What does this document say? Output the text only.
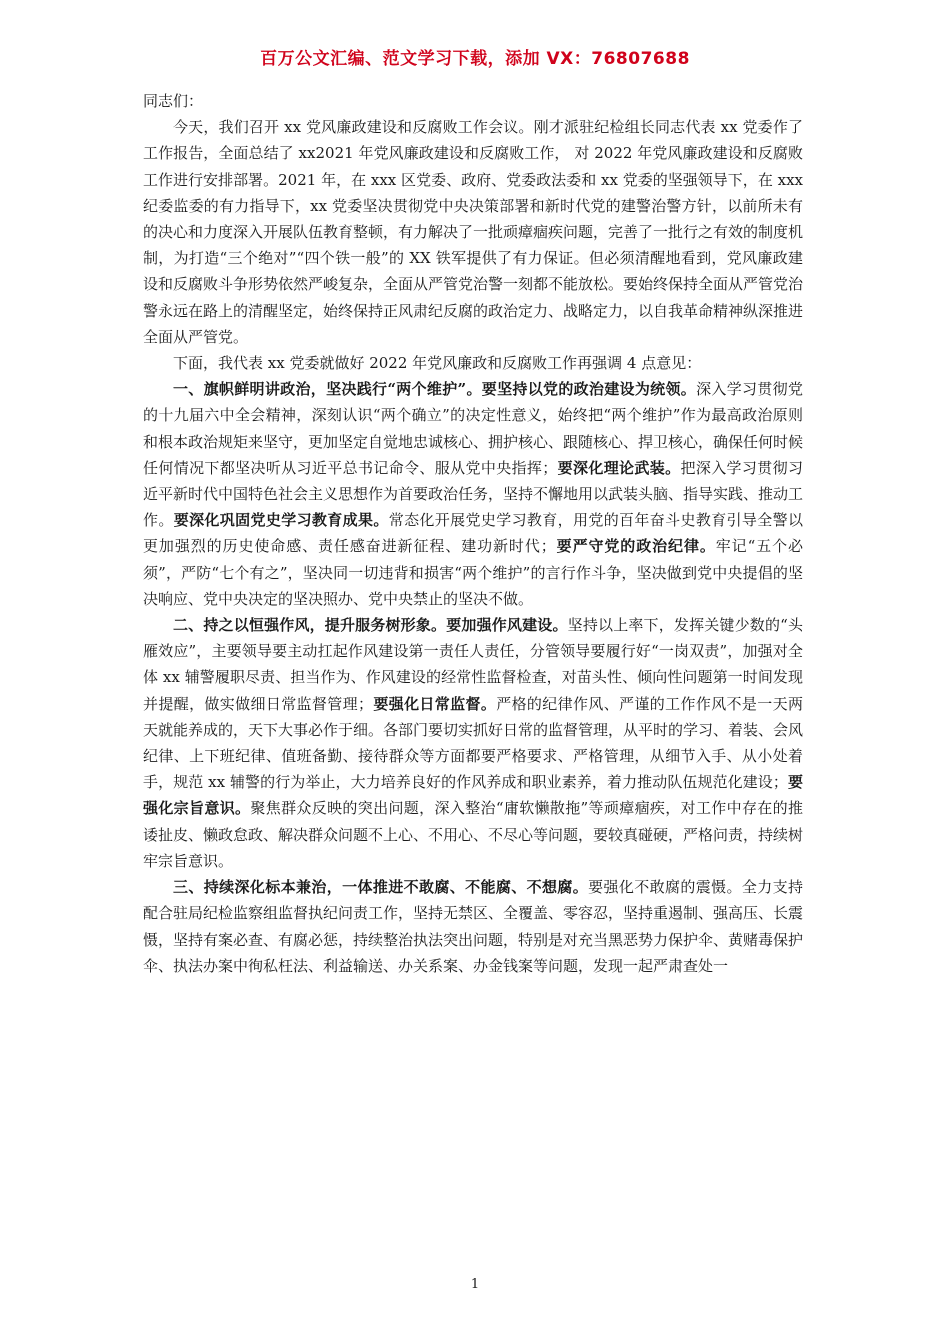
百万公文汇编、范文学习下载，添加 VX：76807688

同志们：

今天，我们召开 xx 党风廉政建设和反腐败工作会议。刚才派驻纪检组长同志代表 xx 党委作了工作报告，全面总结了 xx2021 年党风廉政建设和反腐败工作， 对 2022 年党风廉政建设和反腐败工作进行安排部署。2021 年，在 xxx 区党委、政府、党委政法委和 xx 党委的坚强领导下，在 xxx 纪委监委的有力指导下，xx 党委坚决贯彻党中央决策部署和新时代党的建警治警方针，以前所未有的决心和力度深入开展队伍教育整顿，有力解决了一批顽瘴痼疾问题，完善了一批行之有效的制度机制，为打造“三个绝对”“四个铁一般”的 XX 铁军提供了有力保证。但必须清醒地看到，党风廉政建设和反腐败斗争形势依然严峻复杂，全面从严管党治警一刻都不能放松。要始终保持全面从严管党治警永远在路上的清醒坚定，始终保持正风肃纪反腐的政治定力、战略定力，以自我革命精神纵深推进全面从严管党。

下面，我代表 xx 党委就做好 2022 年党风廉政和反腐败工作再强调 4 点意见：

一、旗帜鲜明讲政治，坚决践行“两个维护”。要坚持以党的政治建设为统领。深入学习贯彻党的十九届六中全会精神，深刻认识“两个确立”的决定性意义，始终把“两个维护”作为最高政治原则和根本政治规矩来坚守，更加坚定自觉地忠诚核心、拥护核心、跟随核心、捍卫核心，确保任何时候任何情况下都坚决听从习近平总书记命令、服从党中央指挥；要深化理论武装。把深入学习贯彻习近平新时代中国特色社会主义思想作为首要政治任务，坚持不懈地用以武装头脑、指导实践、推动工作。要深化巩固党史学习教育成果。常态化开展党史学习教育，用党的百年奋斗史教育引导全警以更加强烈的历史使命感、责任感奋进新征程、建功新时代；要严守党的政治纪律。牢记“五个必须”，严防“七个有之”，坚决同一切违背和损害“两个维护”的言行作斗争，坚决做到党中央提倡的坚决响应、党中央决定的坚决照办、党中央禁止的坚决不做。

二、持之以恒强作风，提升服务树形象。要加强作风建设。坚持以上率下，发挥关键少数的“头雁效应”，主要领导要主动扛起作风建设第一责任人责任，分管领导要履行好“一岗双责”，加强对全体 xx 辅警履职尽责、担当作为、作风建设的经常性监督检查，对苗头性、倾向性问题第一时间发现并提醒，做实做细日常监督管理；要强化日常监督。严格的纪律作风、严谨的工作作风不是一天两天就能养成的，天下大事必作于细。各部门要切实抓好日常的监督管理，从平时的学习、着装、会风纪律、上下班纪律、值班备勤、接待群众等方面都要严格要求、严格管理，从细节入手、从小处着手，规范 xx 辅警的行为举止，大力培养良好的作风养成和职业素养，着力推动队伍规范化建设；要强化宗旨意识。聚焦群众反映的突出问题，深入整治“庸软懒散拖”等顽瘴痼疾，对工作中存在的推诿扯皮、懒政怠政、解决群众问题不上心、不用心、不尽心等问题，要较真碰硬，严格问责，持续树牢宗旨意识。

三、持续深化标本兼治，一体推进不敢腐、不能腐、不想腐。要强化不敢腐的震慑。全力支持配合驻局纪检监察组监督执纪问责工作，坚持无禁区、全覆盖、零容忍，坚持重遏制、强高压、长震慑，坚持有案必查、有腐必惩，持续整治执法突出问题，特别是对充当黑恶势力保护伞、黄赌毒保护伞、执法办案中徇私枉法、利益输送、办关系案、办金钱案等问题，发现一起严肃查处一

1
